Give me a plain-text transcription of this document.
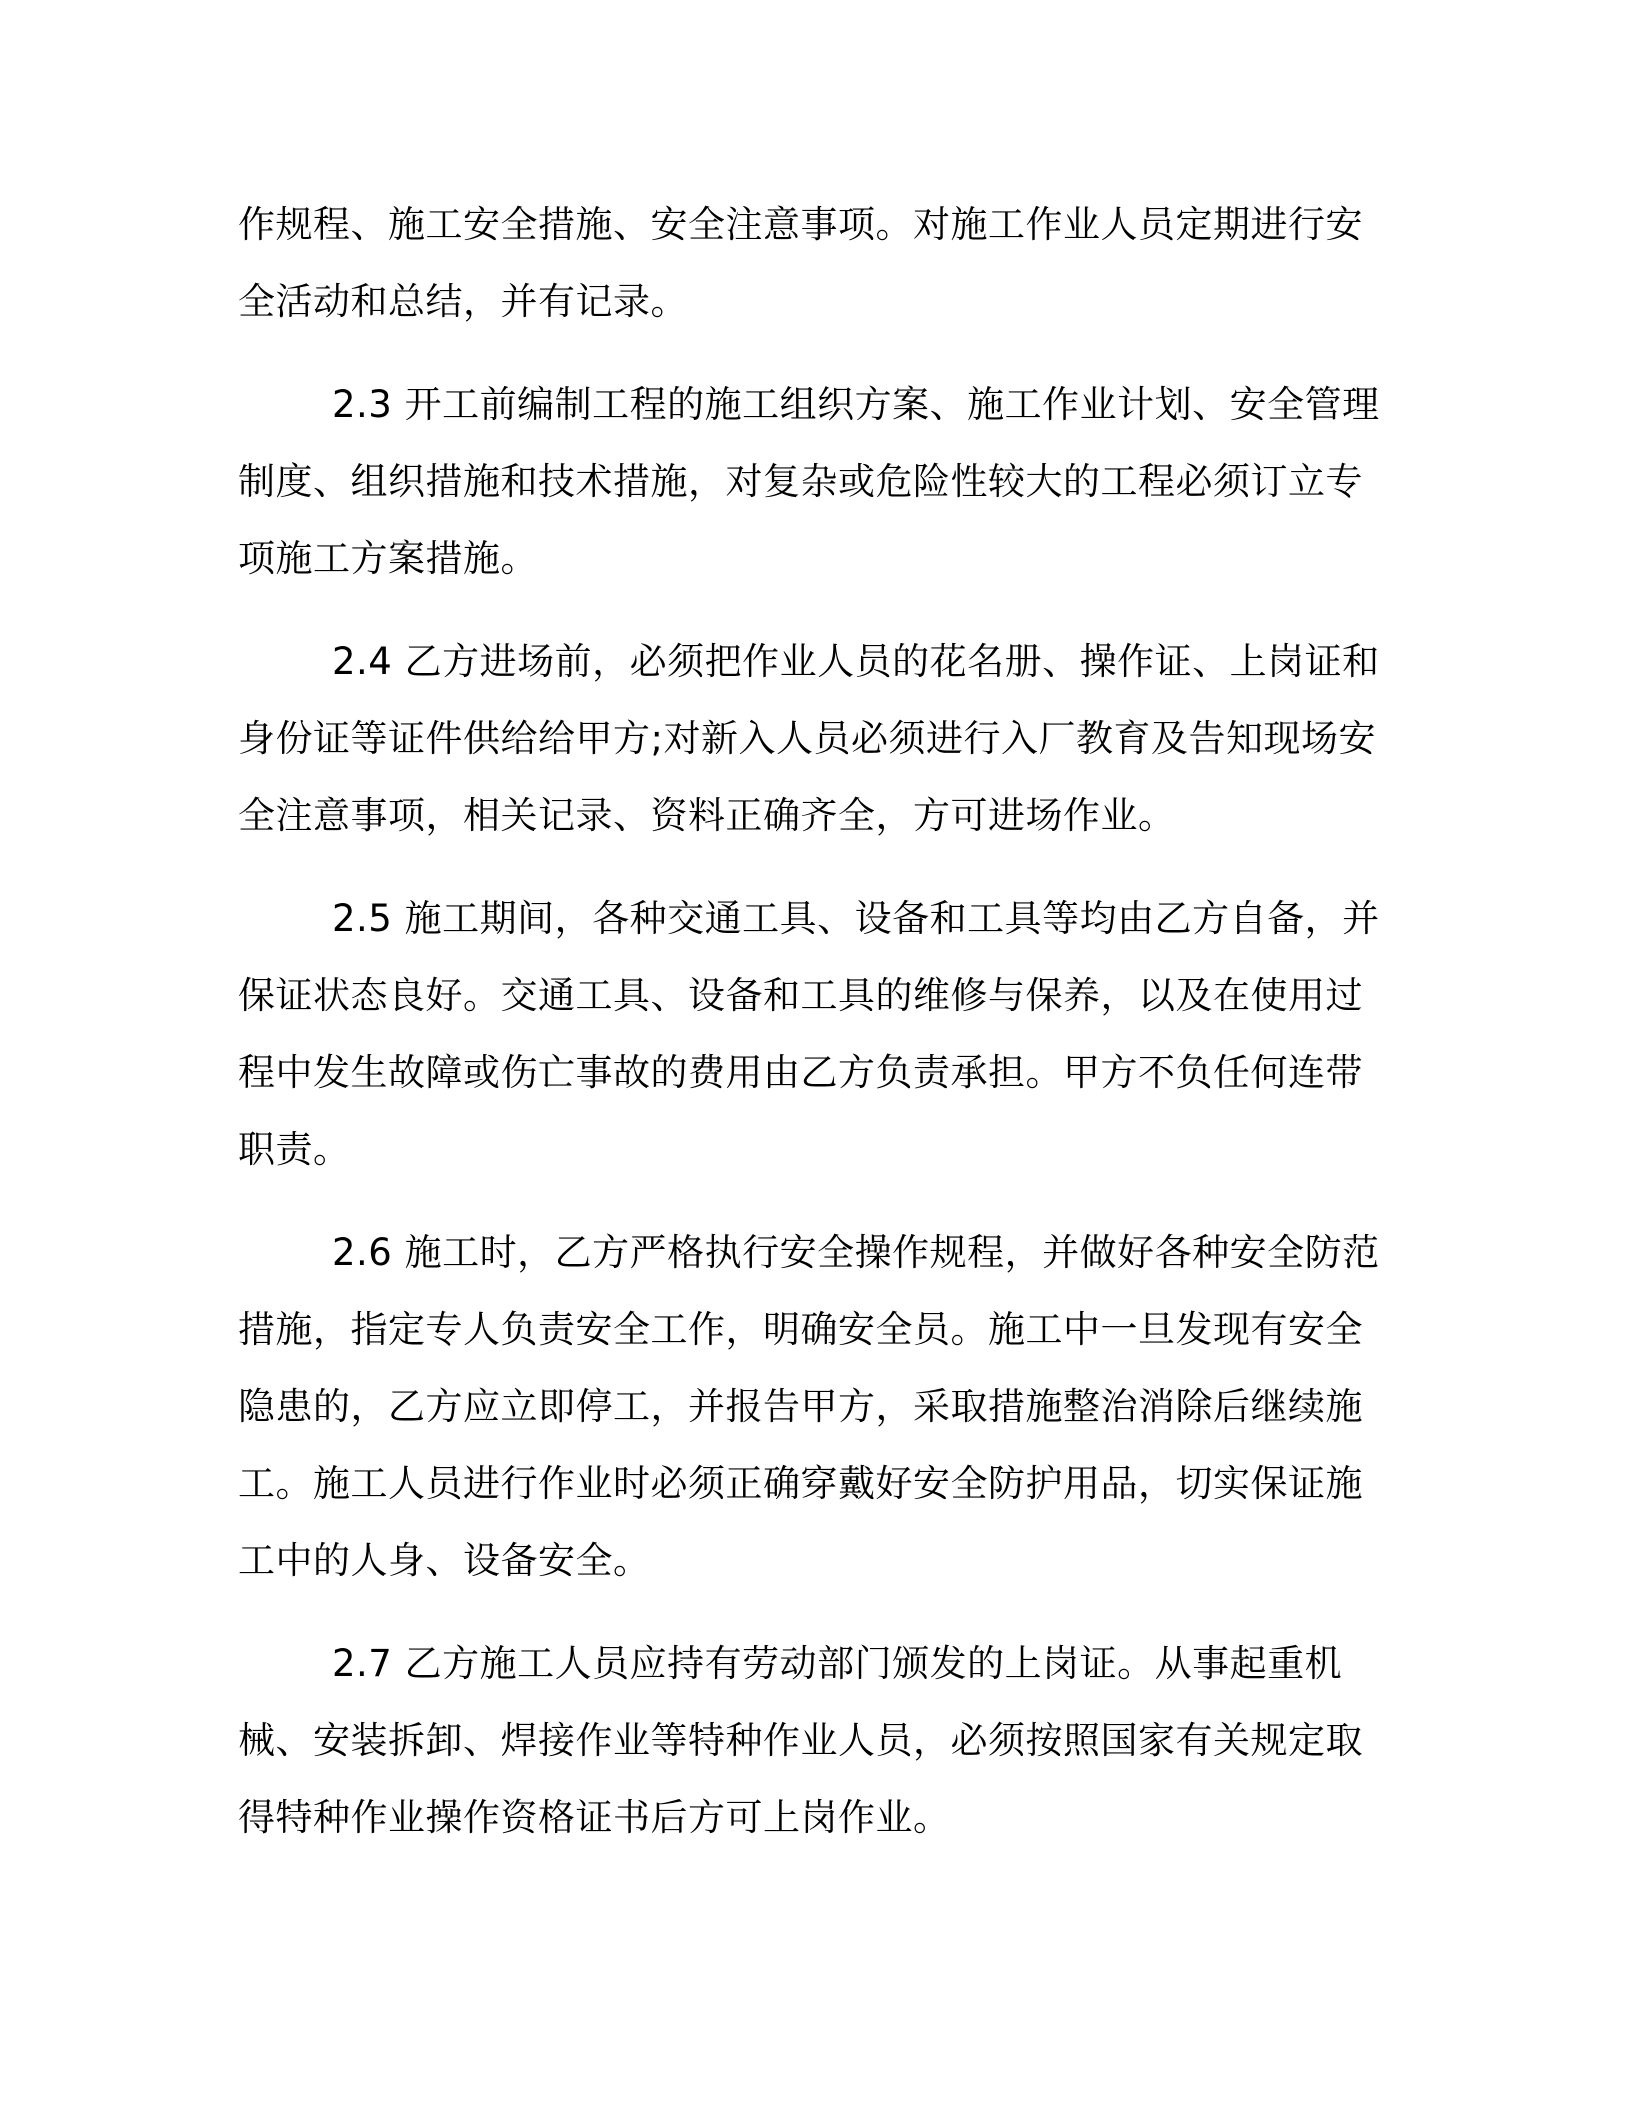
作规程、施工安全措施、安全注意事项。对施工作业人员定期进行安全活动和总结，并有记录。

2.3 开工前编制工程的施工组织方案、施工作业计划、安全管理制度、组织措施和技术措施，对复杂或危险性较大的工程必须订立专项施工方案措施。

2.4 乙方进场前，必须把作业人员的花名册、操作证、上岗证和身份证等证件供给给甲方;对新入人员必须进行入厂教育及告知现场安全注意事项，相关记录、资料正确齐全，方可进场作业。

2.5 施工期间，各种交通工具、设备和工具等均由乙方自备，并保证状态良好。交通工具、设备和工具的维修与保养，以及在使用过程中发生故障或伤亡事故的费用由乙方负责承担。甲方不负任何连带职责。

2.6 施工时，乙方严格执行安全操作规程，并做好各种安全防范措施，指定专人负责安全工作，明确安全员。施工中一旦发现有安全隐患的，乙方应立即停工，并报告甲方，采取措施整治消除后继续施工。施工人员进行作业时必须正确穿戴好安全防护用品，切实保证施工中的人身、设备安全。

2.7 乙方施工人员应持有劳动部门颁发的上岗证。从事起重机械、安装拆卸、焊接作业等特种作业人员，必须按照国家有关规定取得特种作业操作资格证书后方可上岗作业。
